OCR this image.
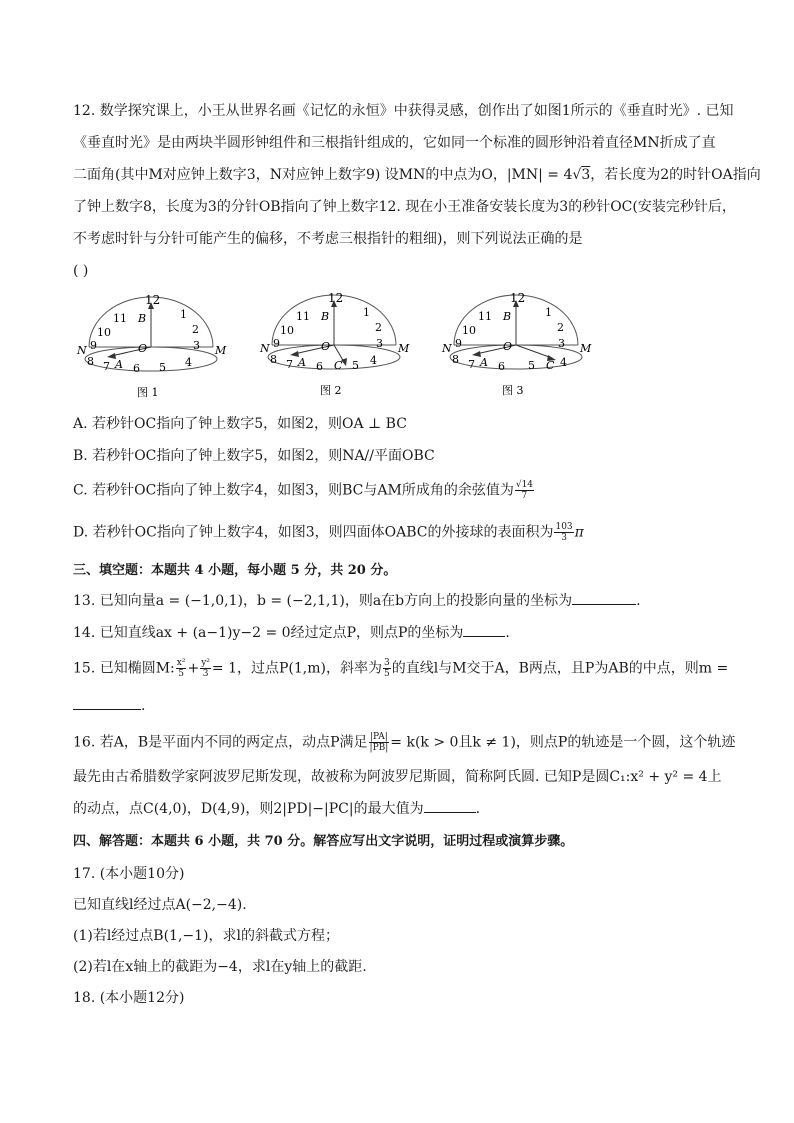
12. 数学探究课上，小王从世界名画《记忆的永恒》中获得灵感，创作出了如图1所示的《垂直时光》. 已知
《垂直时光》是由两块半圆形钟组件和三根指针组成的，它如同一个标准的圆形钟沿着直径MN折成了直
二面角(其中M对应钟上数字3，N对应钟上数字9) 设MN的中点为O，|MN| = 4√3，若长度为2的时针OA指向
了钟上数字8，长度为3的分针OB指向了钟上数字12. 现在小王准备安装长度为3的秒针OC(安装完秒针后，
不考虑时针与分针可能产生的偏移，不考虑三根指针的粗细)，则下列说法正确的是
( )
12
1
2
3
11
10
9
8 7 6 5 4
B
O
N	M
A
图 1
12
1
2
3
11
10
9
8 7 6	5 4
B
O
N	M
A	C
图 2
12
1
2
3
11
10
9
8 7 6 5 4
B
O
N	M
A	C
图 3
A. 若秒针OC指向了钟上数字5，如图2，则OA ⊥ BC
B. 若秒针OC指向了钟上数字5，如图2，则NA//平面OBC
C. 若秒针OC指向了钟上数字4，如图3，则BC与AM所成角的余弦值为 $\frac{√14}{7}$
D. 若秒针OC指向了钟上数字4，如图3，则四面体OABC的外接球的表面积为 $\frac{103}{3}$ π
三、填空题：本题共 4 小题，每小题 5 分，共 20 分。
13. 已知向量a = (−1,0,1)，b = (−2,1,1)，则a在b方向上的投影向量的坐标为	.
14. 已知直线ax + (a−1)y−2 = 0经过定点P，则点P的坐标为	.
15. 已知椭圆M: $\frac{\text{x²}}{5} + \frac{\text{y²}}{3} = 1$，过点P(1,m)，斜率为 $\frac{3}{5}$ 的直线l与M交于A，B两点，且P为AB的中点，则m =
.
16. 若A，B是平面内不同的两定点，动点P满足 $\frac{|PA|}{|PB|} = k(k > 0$且k ≠ 1)，则点P的轨迹是一个圆，这个轨迹
最先由古希腊数学家阿波罗尼斯发现，故被称为阿波罗尼斯圆，简称阿氏圆. 已知P是圆C₁:x² + y² = 4上
的动点，点C(4,0)，D(4,9)，则2|PD|−|PC|的最大值为	.
四、解答题：本题共 6 小题，共 70 分。解答应写出文字说明，证明过程或演算步骤。
17. (本小题10分)
已知直线l经过点A(−2,−4).
(1)若l经过点B(1,−1)，求l的斜截式方程；
(2)若l在x轴上的截距为−4，求l在y轴上的截距.
18. (本小题12分)
